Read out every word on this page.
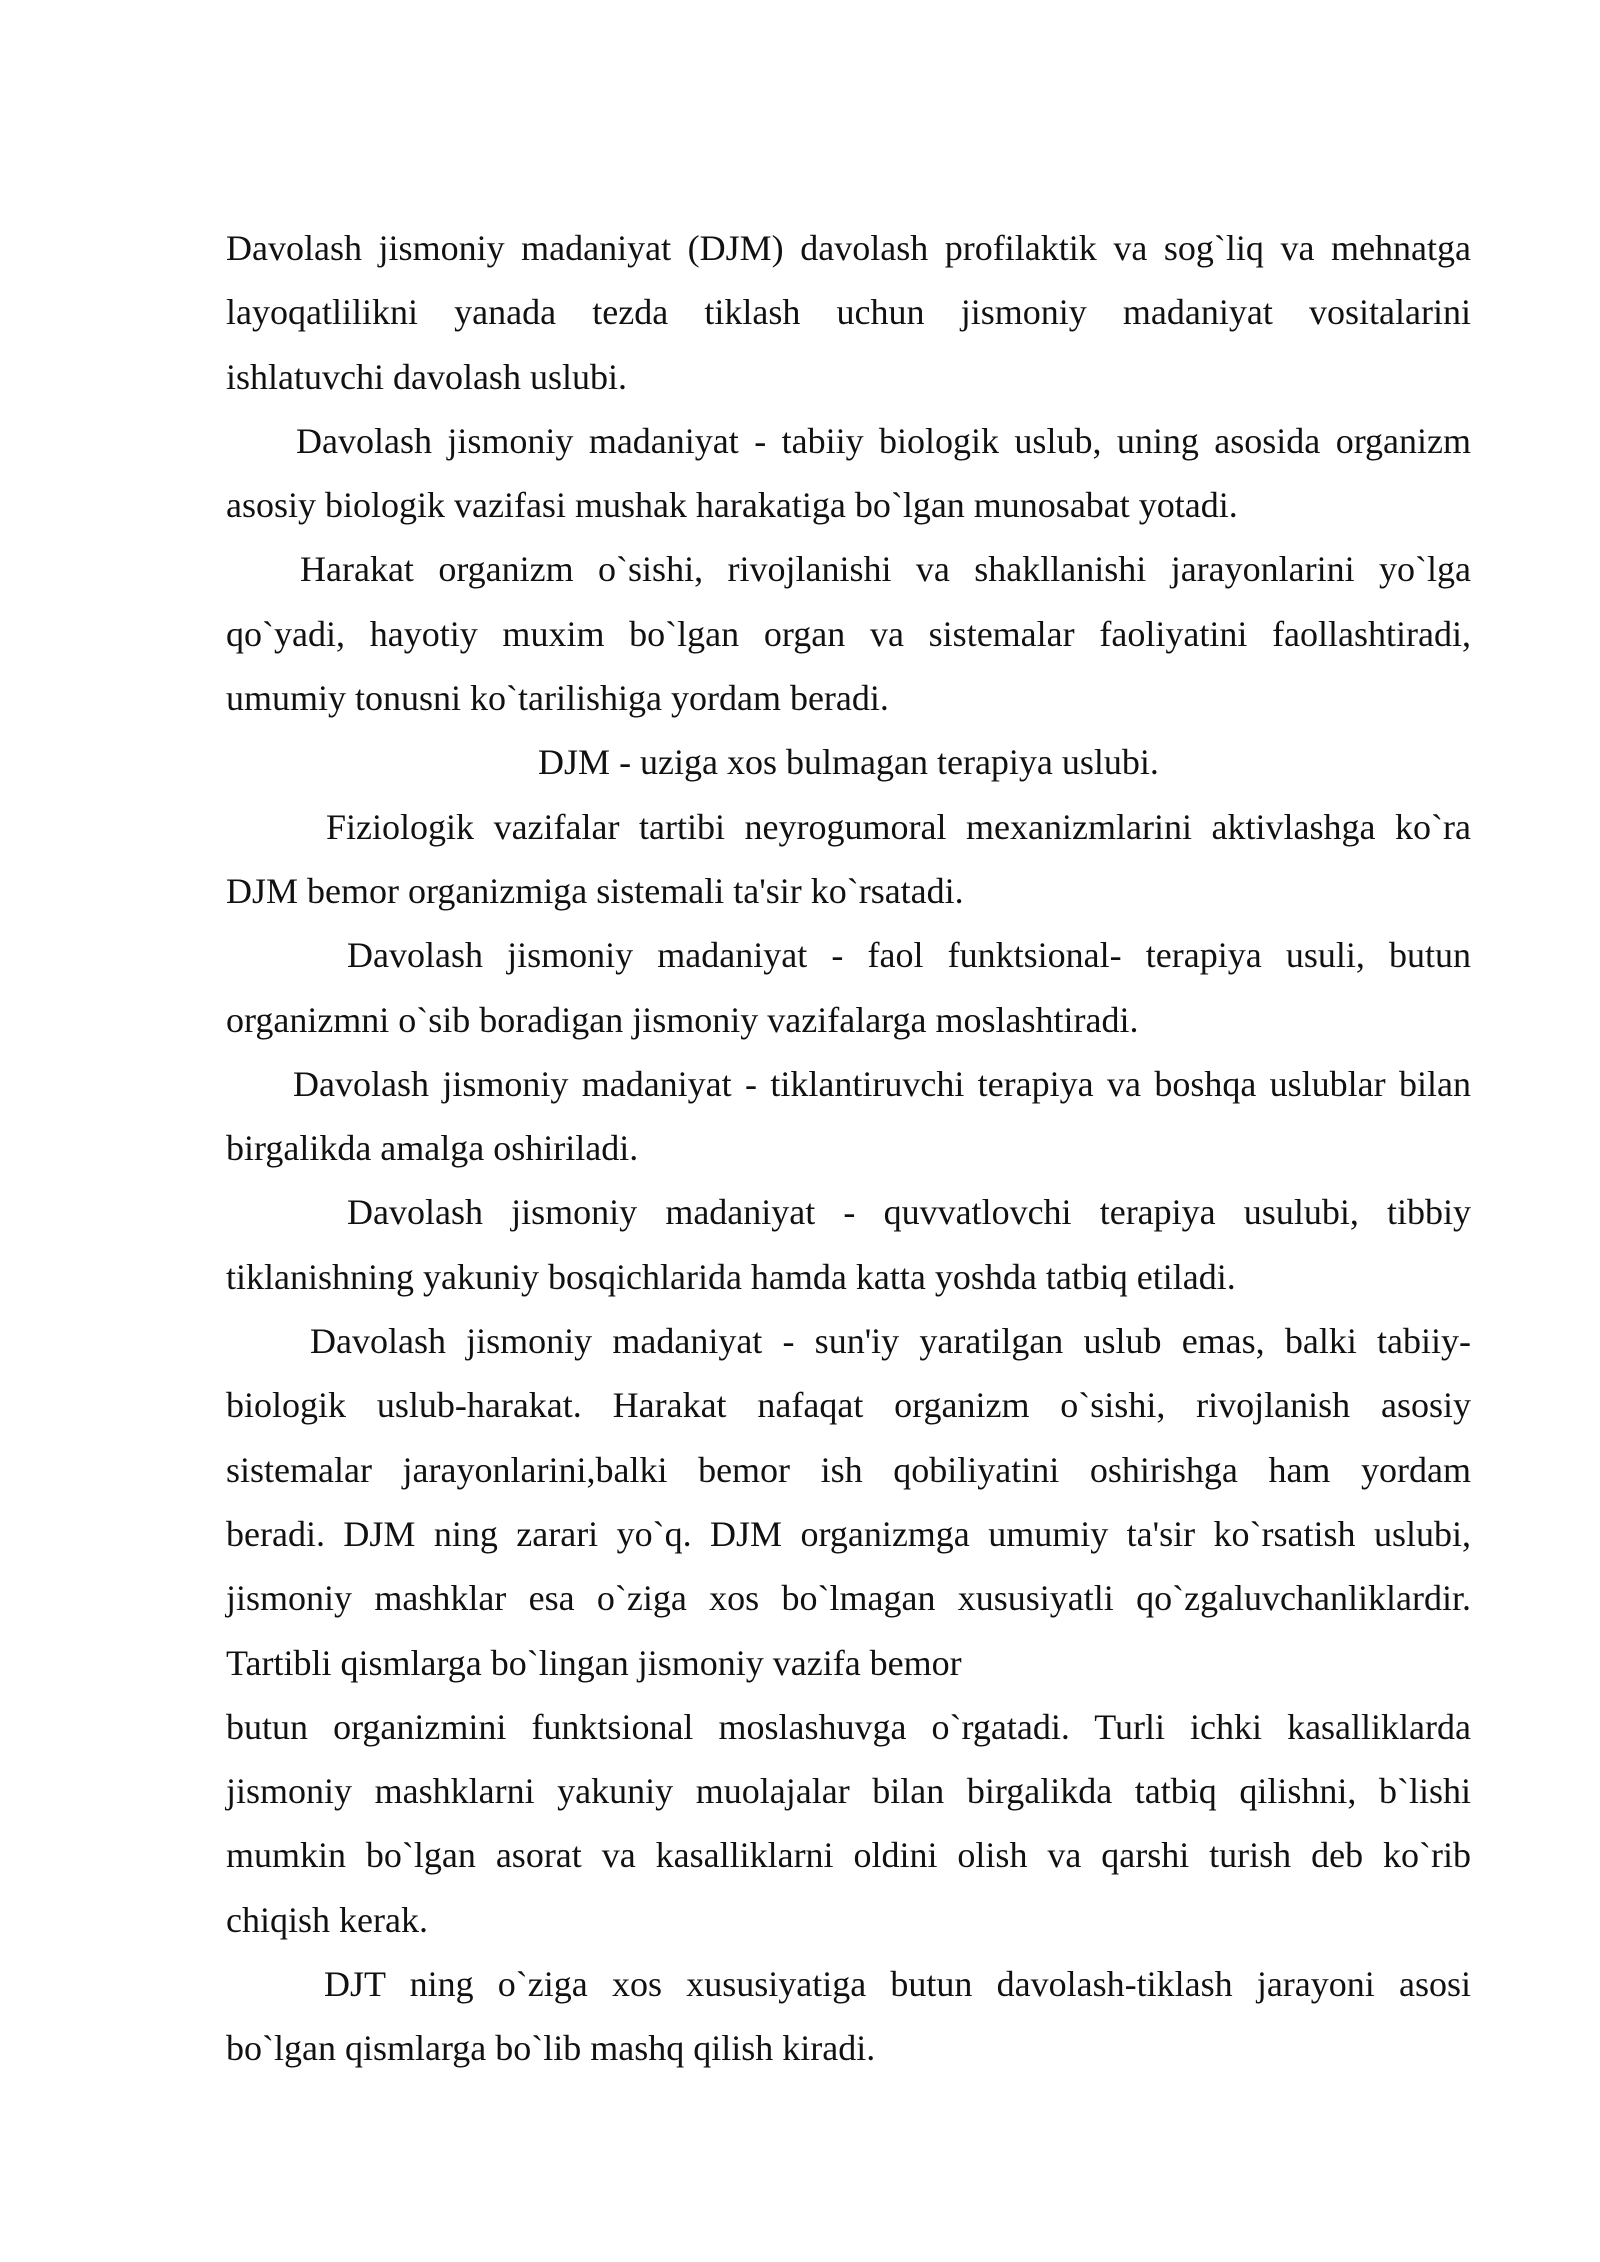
Davolash jismoniy madaniyat (DJM) davolash profilaktik va sog`liq va mehnatga
layoqatlilikni yanada tezda tiklash uchun jismoniy madaniyat vositalarini
ishlatuvchi davolash uslubi.
Davolash jismoniy madaniyat - tabiiy biologik uslub, uning asosida organizm
asosiy biologik vazifasi mushak harakatiga bo`lgan munosabat yotadi.
Harakat organizm o`sishi, rivojlanishi va shakllanishi jarayonlarini yo`lga
qo`yadi, hayotiy muxim bo`lgan organ va sistemalar faoliyatini faollashtiradi,
umumiy tonusni ko`tarilishiga yordam beradi.
DJM - uziga xos bulmagan terapiya uslubi.
Fiziologik vazifalar tartibi neyrogumoral mexanizmlarini aktivlashga ko`ra
DJM bemor organizmiga sistemali ta'sir ko`rsatadi.
Davolash jismoniy madaniyat - faol funktsional- terapiya usuli, butun
organizmni o`sib boradigan jismoniy vazifalarga moslashtiradi.
Davolash jismoniy madaniyat - tiklantiruvchi terapiya va boshqa uslublar bilan
birgalikda amalga oshiriladi.
Davolash jismoniy madaniyat - quvvatlovchi terapiya usulubi, tibbiy
tiklanishning yakuniy bosqichlarida hamda katta yoshda tatbiq etiladi.
Davolash jismoniy madaniyat - sun'iy yaratilgan uslub emas, balki tabiiy-
biologik uslub-harakat. Harakat nafaqat organizm o`sishi, rivojlanish asosiy
sistemalar jarayonlarini,balki bemor ish qobiliyatini oshirishga ham yordam
beradi. DJM ning zarari yo`q. DJM organizmga umumiy ta'sir ko`rsatish uslubi,
jismoniy mashklar esa o`ziga xos bo`lmagan xususiyatli qo`zgaluvchanliklardir.
Tartibli qismlarga bo`lingan jismoniy vazifa bemor
butun organizmini funktsional moslashuvga o`rgatadi. Turli ichki kasalliklarda
jismoniy mashklarni yakuniy muolajalar bilan birgalikda tatbiq qilishni, b`lishi
mumkin bo`lgan asorat va kasalliklarni oldini olish va qarshi turish deb ko`rib
chiqish kerak.
DJT ning o`ziga xos xususiyatiga butun davolash-tiklash jarayoni asosi
bo`lgan qismlarga bo`lib mashq qilish kiradi.
